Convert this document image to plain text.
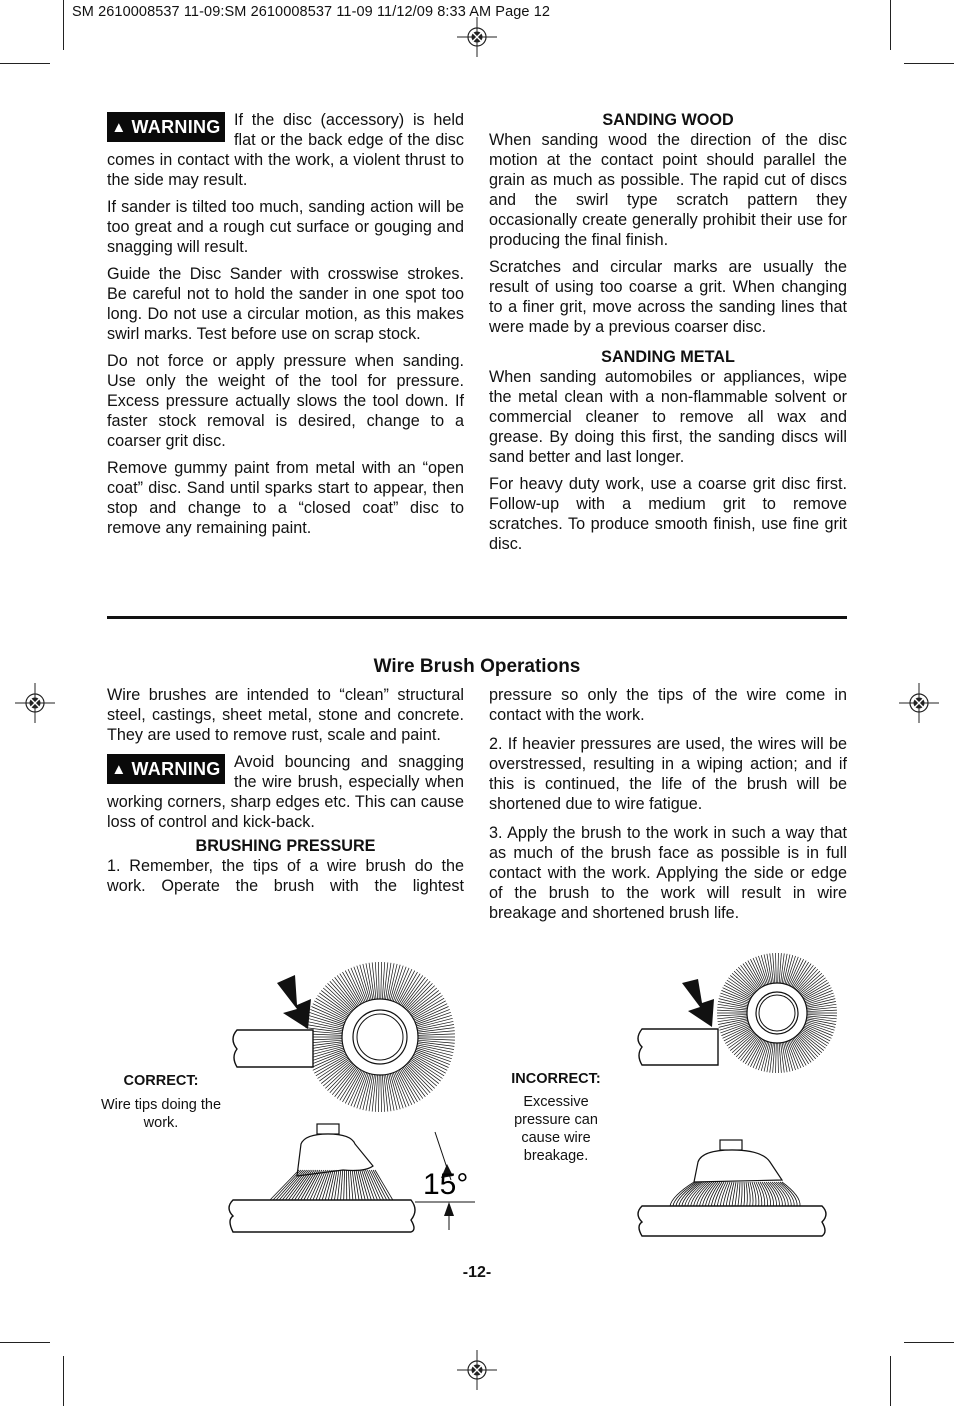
SM 2610008537 11-09:SM 2610008537 11-09 11/12/09 8:33 AM Page 12

▲ WARNING If the disc (accessory) is held flat or the back edge of the disc comes in contact with the work, a violent thrust to the side may result.

If sander is tilted too much, sanding action will be too great and a rough cut surface or gouging and snagging will result.

Guide the Disc Sander with crosswise strokes. Be careful not to hold the sander in one spot too long. Do not use a circular motion, as this makes swirl marks. Test before use on scrap stock.

Do not force or apply pressure when sanding. Use only the weight of the tool for pressure. Excess pressure actually slows the tool down. If faster stock removal is desired, change to a coarser grit disc.

Remove gummy paint from metal with an “open coat” disc. Sand until sparks start to appear, then stop and change to a “closed coat” disc to remove any remaining paint.

SANDING WOOD

When sanding wood the direction of the disc motion at the contact point should parallel the grain as much as possible. The rapid cut of discs and the swirl type scratch pattern they occasionally create generally prohibit their use for producing the final finish.

Scratches and circular marks are usually the result of using too coarse a grit. When changing to a finer grit, move across the sanding lines that were made by a previous coarser disc.

SANDING METAL

When sanding automobiles or appliances, wipe the metal clean with a non-flammable solvent or commercial cleaner to remove all wax and grease. By doing this first, the sanding discs will sand better and last longer.

For heavy duty work, use a coarse grit disc first. Follow-up with a medium grit to remove scratches. To produce smooth finish, use fine grit disc.

Wire Brush Operations

Wire brushes are intended to “clean” structural steel, castings, sheet metal, stone and concrete. They are used to remove rust, scale and paint.

▲ WARNING Avoid bouncing and snagging the wire brush, especially when working corners, sharp edges etc. This can cause loss of control and kick-back.

BRUSHING PRESSURE

1. Remember, the tips of a wire brush do the work. Operate the brush with the lightest

pressure so only the tips of the wire come in contact with the work.

2. If heavier pressures are used, the wires will be overstressed, resulting in a wiping action; and if this is continued, the life of the brush will be shortened due to wire fatigue.

3. Apply the brush to the work in such a way that as much of the brush face as possible is in full contact with the work. Applying the side or edge of the brush to the work will result in wire breakage and shortened brush life.

CORRECT:
Wire tips doing the work.
INCORRECT:
Excessive pressure can cause wire breakage.
15°
-12-
